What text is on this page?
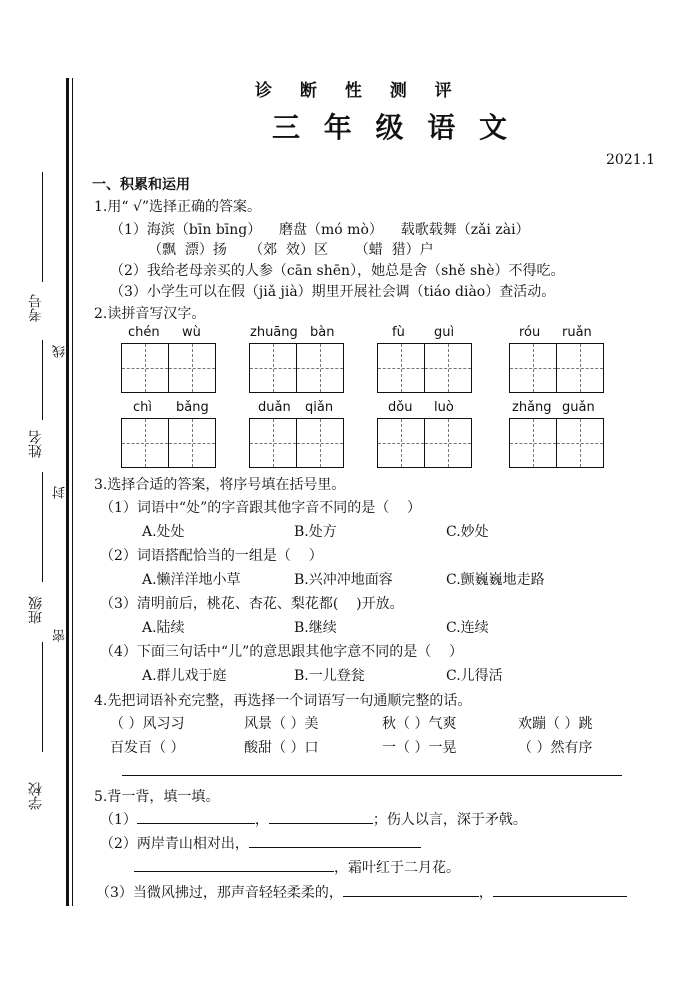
考号
姓名
班级
学校
线
封
密
诊 断 性 测 评
三 年 级 语 文
2021.1
一、积累和运用
1.用“ √”选择正确的答案。
（1）海滨（bīn bīng）    磨盘（mó mò）    载歌载舞（zǎi zài）
（飘  漂）扬     （郊  效）区      （蜡  猎）户
（2）我给老母亲买的人参（cān shēn），她总是舍（shě shè）不得吃。
（3）小学生可以在假（jiǎ jià）期里开展社会调（tiáo diào）查活动。
2.读拼音写汉字。
chén wù	zhuāng bàn	fù guì	róu ruǎn
chì bǎng	duǎn qiǎn	dǒu luò	zhǎng guǎn
3.选择合适的答案，将序号填在括号里。
（1）词语中“处”的字音跟其他字音不同的是（    ）
A.处处	B.处方	C.妙处
（2）词语搭配恰当的一组是（    ）
A.懒洋洋地小草	B.兴冲冲地面容	C.颤巍巍地走路
（3）清明前后，桃花、杏花、梨花都(    )开放。
A.陆续	B.继续	C.连续
（4）下面三句话中“儿”的意思跟其他字意不同的是（    ）
A.群儿戏于庭	B.一儿登瓮	C.儿得活
4.先把词语补充完整，再选择一个词语写一句通顺完整的话。
（ ）风习习	风景（ ）美	秋（ ）气爽	欢蹦（ ）跳
百发百（ ）	酸甜（ ）口	一（ ）一晃	（ ）然有序
5.背一背，填一填。
（1）	，	；伤人以言，深于矛戟。
（2）两岸青山相对出，
，霜叶红于二月花。
（3）当微风拂过，那声音轻轻柔柔的，	，
